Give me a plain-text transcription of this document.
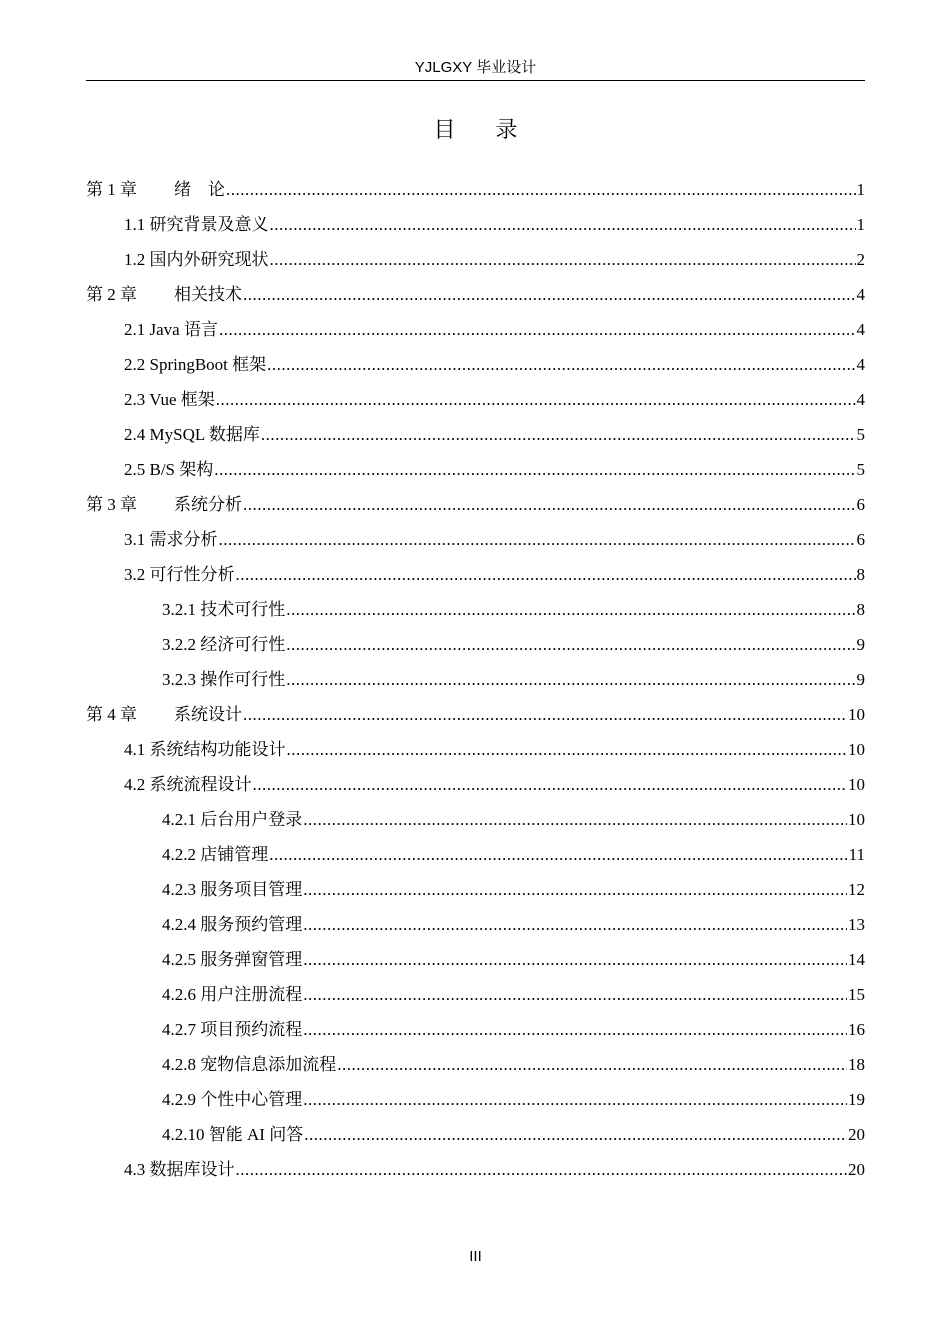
YJLGXY 毕业设计
目录
第 1 章	绪　论 .....	1
1.1 研究背景及意义 .....	1
1.2 国内外研究现状 .....	2
第 2 章	相关技术 .....	4
2.1 Java 语言 .....	4
2.2 SpringBoot 框架 .....	4
2.3 Vue 框架 .....	4
2.4 MySQL 数据库 .....	5
2.5 B/S 架构 .....	5
第 3 章	系统分析 .....	6
3.1 需求分析 .....	6
3.2 可行性分析 .....	8
3.2.1 技术可行性 .....	8
3.2.2 经济可行性 .....	9
3.2.3 操作可行性 .....	9
第 4 章	系统设计 .....	10
4.1 系统结构功能设计 .....	10
4.2 系统流程设计 .....	10
4.2.1 后台用户登录 .....	10
4.2.2 店铺管理 .....	11
4.2.3 服务项目管理 .....	12
4.2.4 服务预约管理 .....	13
4.2.5 服务弹窗管理 .....	14
4.2.6 用户注册流程 .....	15
4.2.7 项目预约流程 .....	16
4.2.8 宠物信息添加流程 .....	18
4.2.9 个性中心管理 .....	19
4.2.10 智能 AI 问答 .....	20
4.3 数据库设计 .....	20
III
